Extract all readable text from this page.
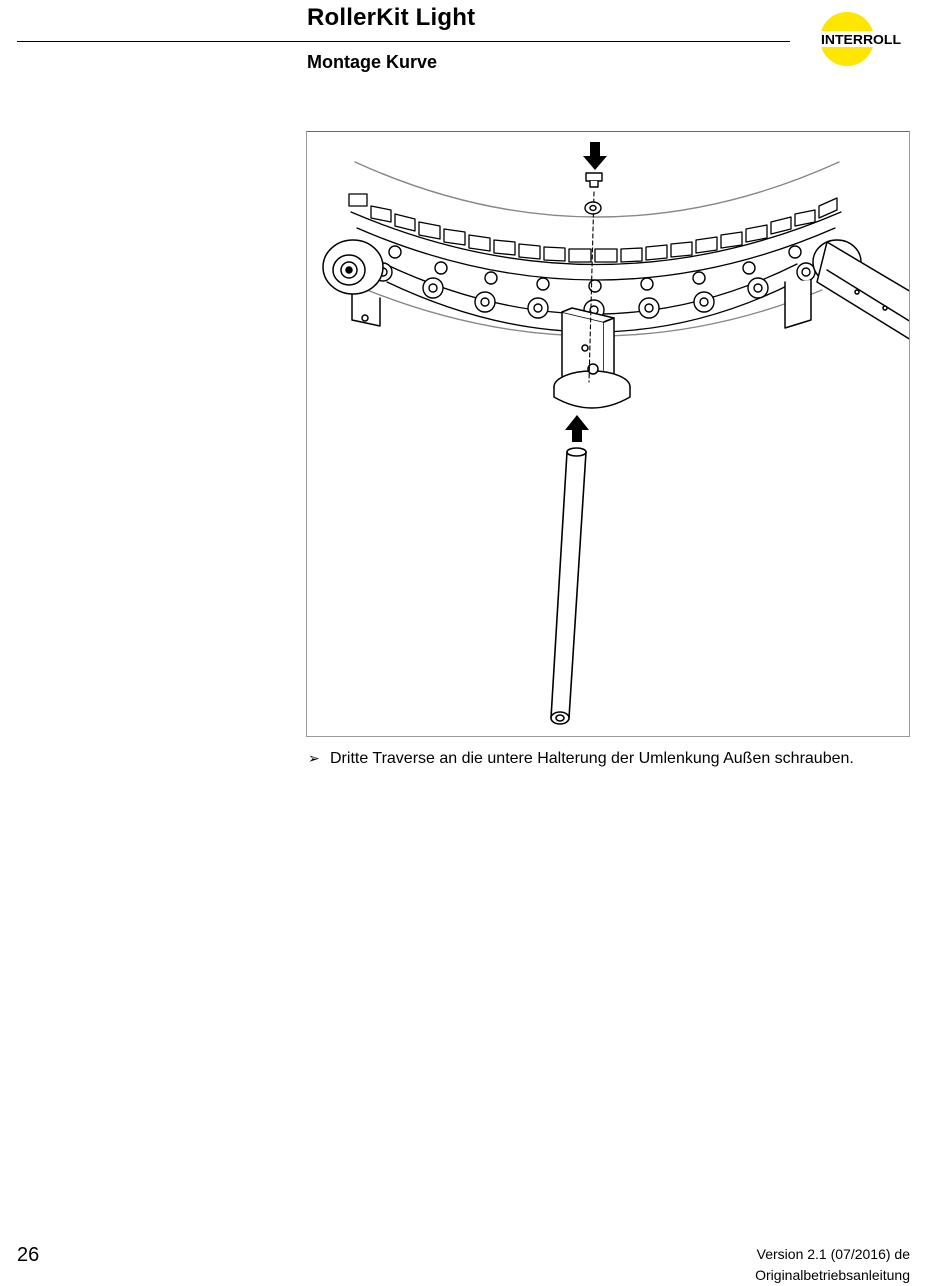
RollerKit Light
INTERROLL
Montage Kurve
➢ Dritte Traverse an die untere Halterung der Umlenkung Außen schrauben.
26	Version 2.1 (07/2016) de
Originalbetriebsanleitung
